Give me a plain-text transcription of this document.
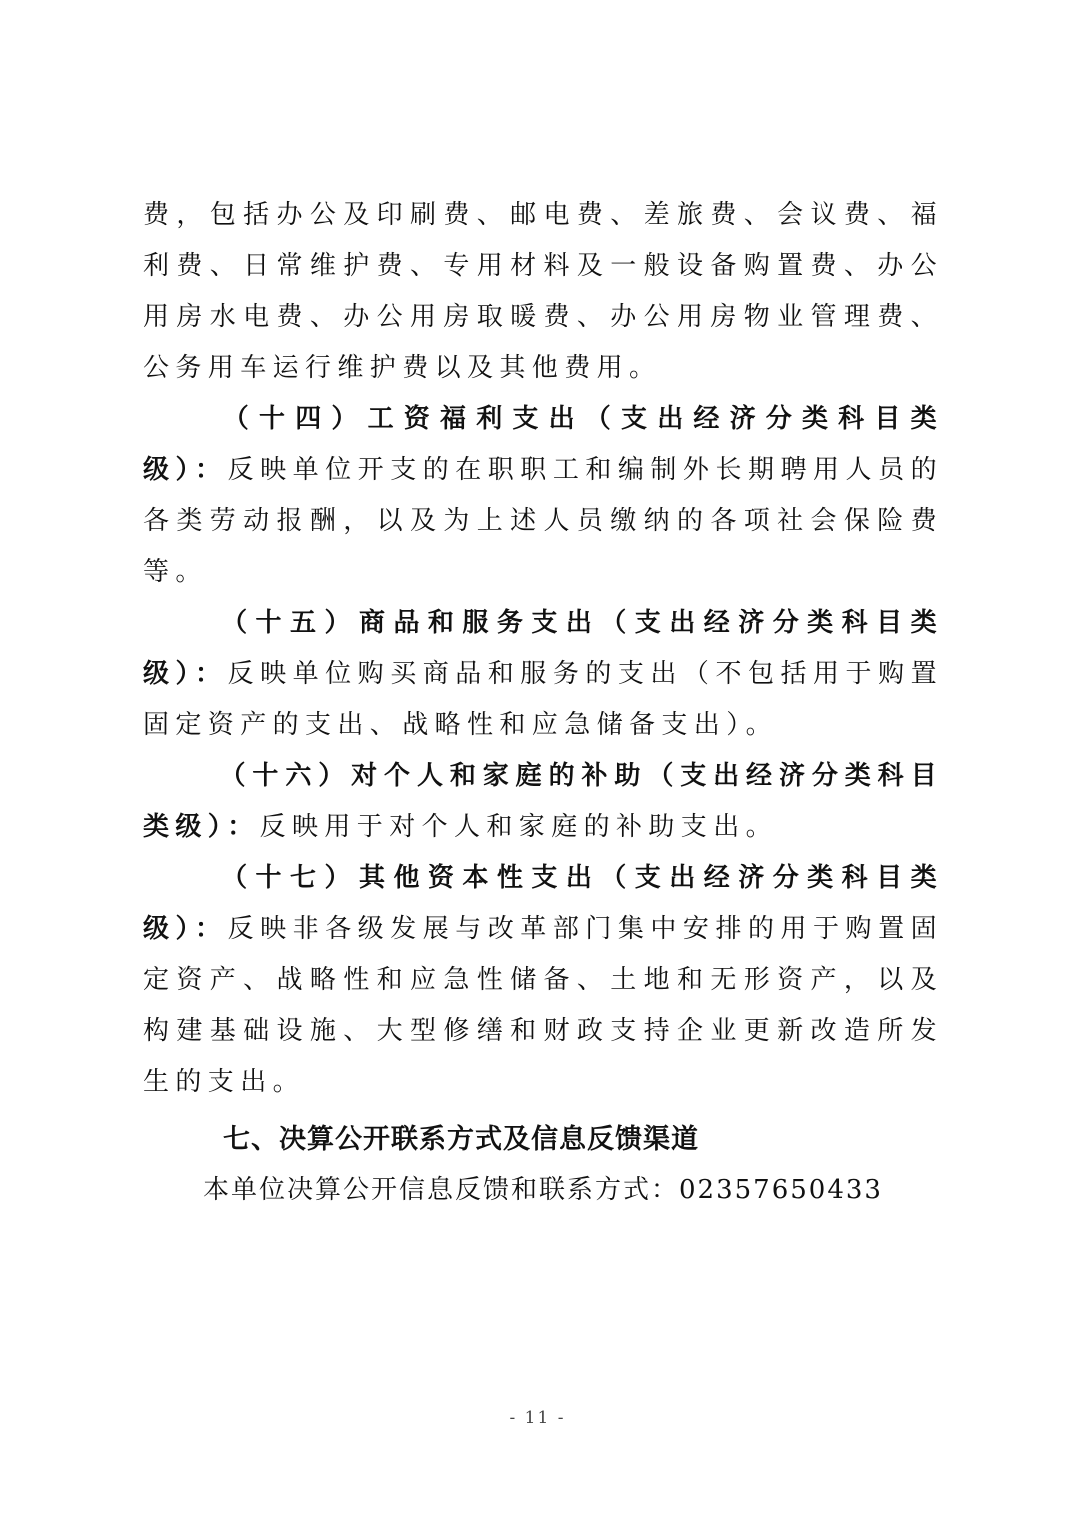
费，包括办公及印刷费、邮电费、差旅费、会议费、福利费、日常维护费、专用材料及一般设备购置费、办公用房水电费、办公用房取暖费、办公用房物业管理费、公务用车运行维护费以及其他费用。

（十四）工资福利支出（支出经济分类科目类级）：反映单位开支的在职职工和编制外长期聘用人员的各类劳动报酬，以及为上述人员缴纳的各项社会保险费等。

（十五）商品和服务支出（支出经济分类科目类级）：反映单位购买商品和服务的支出（不包括用于购置固定资产的支出、战略性和应急储备支出）。

（十六）对个人和家庭的补助（支出经济分类科目类级）：反映用于对个人和家庭的补助支出。

（十七）其他资本性支出（支出经济分类科目类级）：反映非各级发展与改革部门集中安排的用于购置固定资产、战略性和应急性储备、土地和无形资产，以及构建基础设施、大型修缮和财政支持企业更新改造所发生的支出。

七、决算公开联系方式及信息反馈渠道

本单位决算公开信息反馈和联系方式：02357650433

- 11 -
